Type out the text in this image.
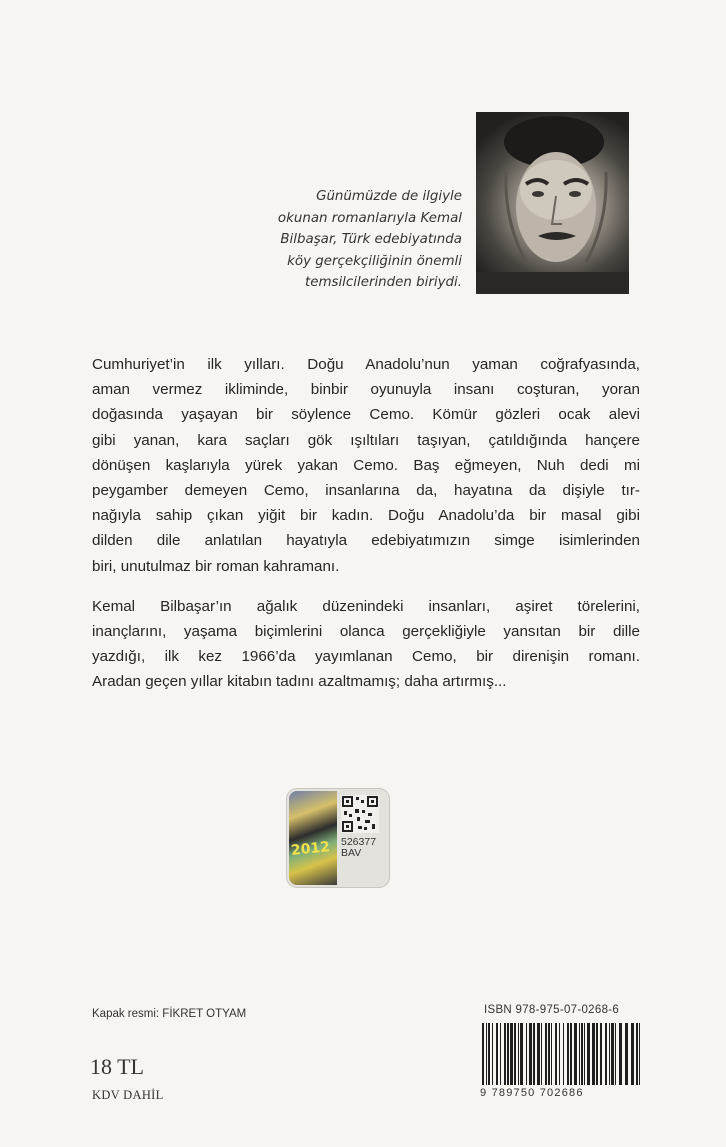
Günümüzde de ilgiyle
okunan romanlarıyla Kemal
Bilbaşar, Türk edebiyatında
köy gerçekçiliğinin önemli
temsilcilerinden biriydi.
Cumhuriyet’in ilk yılları. Doğu Anadolu’nun yaman coğrafyasında,
aman vermez ikliminde, binbir oyunuyla insanı coşturan, yoran
doğasında yaşayan bir söylence Cemo. Kömür gözleri ocak alevi
gibi yanan, kara saçları gök ışıltıları taşıyan, çatıldığında hançere
dönüşen kaşlarıyla yürek yakan Cemo. Baş eğmeyen, Nuh dedi mi
peygamber demeyen Cemo, insanlarına da, hayatına da dişiyle tır-
nağıyla sahip çıkan yiğit bir kadın. Doğu Anadolu’da bir masal gibi
dilden dile anlatılan hayatıyla edebiyatımızın simge isimlerinden
biri, unutulmaz bir roman kahramanı.
Kemal Bilbaşar’ın ağalık düzenindeki insanları, aşiret törelerini,
inançlarını, yaşama biçimlerini olanca gerçekliğiyle yansıtan bir dille
yazdığı, ilk kez 1966’da yayımlanan Cemo, bir direnişin romanı.
Aradan geçen yıllar kitabın tadını azaltmamış; daha artırmış...
2012 526377
BAV
Kapak resmi: FİKRET OTYAM
18 TL
KDV DAHİL
ISBN 978-975-07-0268-6
9 789750 702686
